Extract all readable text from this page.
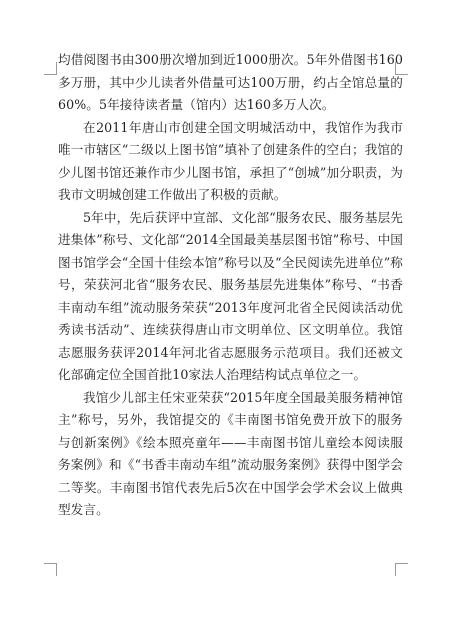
均借阅图书由300册次增加到近1000册次。5年外借图书160多万册，其中少儿读者外借量可达100万册，约占全馆总量的60%。5年接待读者量（馆内）达160多万人次。

在2011年唐山市创建全国文明城活动中，我馆作为我市唯一市辖区“二级以上图书馆”填补了创建条件的空白；我馆的少儿图书馆还兼作市少儿图书馆，承担了“创城”加分职责，为我市文明城创建工作做出了积极的贡献。

5年中，先后获评中宣部、文化部“服务农民、服务基层先进集体”称号、文化部“2014全国最美基层图书馆”称号、中国图书馆学会“全国十佳绘本馆”称号以及“全民阅读先进单位”称号，荣获河北省“服务农民、服务基层先进集体”称号、“书香丰南动车组”流动服务荣获“2013年度河北省全民阅读活动优秀读书活动”、连续获得唐山市文明单位、区文明单位。我馆志愿服务获评2014年河北省志愿服务示范项目。我们还被文化部确定位全国首批10家法人治理结构试点单位之一。

我馆少儿部主任宋亚荣获“2015年度全国最美服务精神馆主”称号，另外，我馆提交的《丰南图书馆免费开放下的服务与创新案例》《绘本照亮童年——丰南图书馆儿童绘本阅读服务案例》和《“书香丰南动车组”流动服务案例》获得中图学会二等奖。丰南图书馆代表先后5次在中国学会学术会议上做典型发言。
